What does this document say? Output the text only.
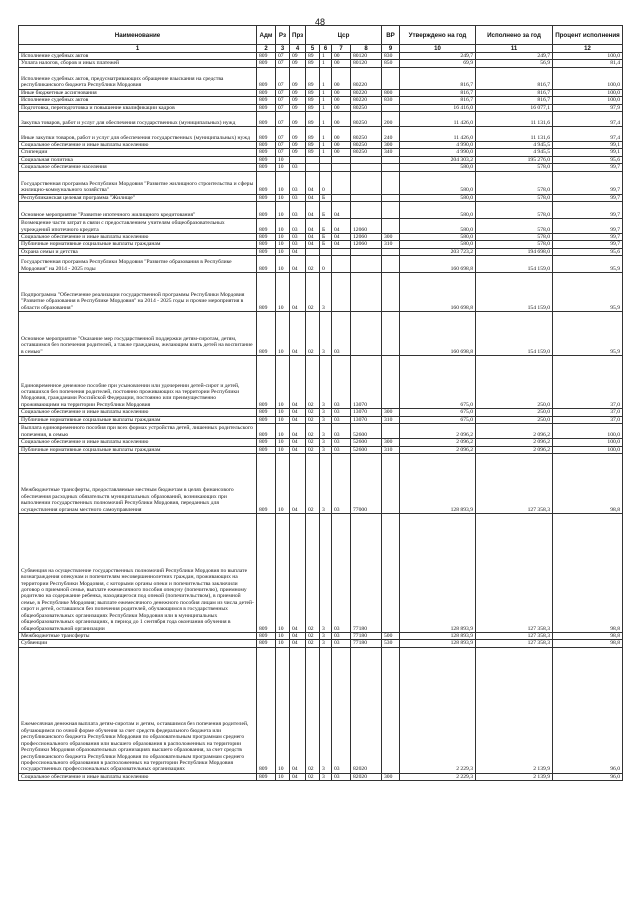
48
Наименование	Адм	Рз	Прз	Цср				ВР	Утверждено на год	Исполнено за год	Процент исполнения
1	2	3	4	5	6	7	8	9	10	11	12
Исполнение судебных актов	809	07	09	89	1	00	80120	830	249,7	249,7	100,0
Уплата налогов, сборов и иных платежей	809	07	09	89	1	00	80120	850	69,9	56,9	81,4
Исполнение судебных актов, предусматривающих обращение взыскания на средства республиканского бюджета Республики Мордовия	809	07	09	89	1	00	80220		816,7	816,7	100,0
Иные бюджетные ассигнования	809	07	09	89	1	00	80220	800	816,7	816,7	100,0
Исполнение судебных актов	809	07	09	89	1	00	80220	830	816,7	816,7	100,0
Подготовка, переподготовка и повышение квалификации кадров	809	07	09	89	1	00	80250		16 416,0	16 077,1	97,9
Закупка товаров, работ и услуг для обеспечения государственных (муниципальных) нужд	809	07	09	89	1	00	80250	200	11 426,0	11 131,6	97,4
Иные закупки товаров, работ и услуг для обеспечения государственных (муниципальных) нужд	809	07	09	89	1	00	80250	240	11 426,0	11 131,6	97,4
Социальное обеспечение и иные выплаты населению	809	07	09	89	1	00	80250	300	4 990,0	4 945,5	99,1
Стипендии	809	07	09	89	1	00	80250	340	4 990,0	4 945,5	99,1
Социальная политика	809	10							204 303,2	195 276,0	95,6
Социальное обеспечение населения	809	10	03						580,0	578,0	99,7
Государственная программа Республики Мордовия "Развитие жилищного строительства и сферы жилищно-коммунального хозяйства"	809	10	03	04	0				580,0	578,0	99,7
Республиканская целевая программа "Жилище"	809	10	03	04	Б				580,0	578,0	99,7
Основное мероприятие "Развитие ипотечного жилищного кредитования"	809	10	03	04	Б	04			580,0	578,0	99,7
Возмещение части затрат в связи с предоставлением учителям общеобразовательных учреждений ипотечного кредита	809	10	03	04	Б	04	12060		580,0	578,0	99,7
Социальное обеспечение и иные выплаты населению	809	10	03	04	Б	04	12060	300	580,0	578,0	99,7
Публичные нормативные социальные выплаты гражданам	809	10	03	04	Б	04	12060	310	580,0	578,0	99,7
Охрана семьи и детства	809	10	04						203 723,2	194 698,0	95,6
Государственная программа Республики Мордовия "Развитие образования в Республике Мордовия" на 2014 - 2025 годы	809	10	04	02	0				160 698,8	154 159,0	95,9
Подпрограмма "Обеспечение реализации государственной программы Республики Мордовия "Развитие образования в Республике Мордовия" на 2014 - 2025 годы и прочие мероприятия в области образования"	809	10	04	02	3				160 698,8	154 159,0	95,9
Основное мероприятие "Оказание мер государственной поддержки детям-сиротам, детям, оставшимся без попечения родителей, а также гражданам, желающим взять детей на воспитание в семью"	809	10	04	02	3	03			160 698,8	154 159,0	95,9
Единовременное денежное пособие при усыновлении или удочерении детей-сирот и детей, оставшихся без попечения родителей, постоянно проживающих на территории Республики Мордовия, гражданами Российской Федерации, постоянно или преимущественно проживающими на территории Республики Мордовия	809	10	04	02	3	03	13070		675,0	250,0	37,0
Социальное обеспечение и иные выплаты населению	809	10	04	02	3	03	13070	300	675,0	250,0	37,0
Публичные нормативные социальные выплаты гражданам	809	10	04	02	3	03	13070	310	675,0	250,0	37,0
Выплата единовременного пособия при всех формах устройства детей, лишенных родительского попечения, в семью	809	10	04	02	3	03	52600		2 096,2	2 096,2	100,0
Социальное обеспечение и иные выплаты населению	809	10	04	02	3	03	52600	300	2 096,2	2 096,2	100,0
Публичные нормативные социальные выплаты гражданам	809	10	04	02	3	03	52600	310	2 096,2	2 096,2	100,0
Межбюджетные трансферты, предоставляемые местным бюджетам в целях финансового обеспечения расходных обязательств муниципальных образований, возникающих при выполнении государственных полномочий Республики Мордовия, переданных для осуществления органам местного самоуправления	809	10	04	02	3	03	77000		128 893,9	127 358,3	98,8
Субвенция на осуществление государственных полномочий Республики Мордовия по выплате вознаграждения опекунам и попечителям несовершеннолетних граждан, проживающих на территории Республики Мордовия, с которыми органы опеки и попечительства заключили договор о приемной семье, выплате ежемесячного пособия опекуну (попечителю), приемному родителю на содержание ребенка, находящегося под опекой (попечительством), в приемной семье, в Республике Мордовия; выплате ежемесячного денежного пособия лицам из числа детей-сирот и детей, оставшихся без попечения родителей, обучающимся в государственных общеобразовательных организациях Республики Мордовия или в муниципальных общеобразовательных организациях, в период до 1 сентября года окончания обучения в общеобразовательной организации	809	10	04	02	3	03	77180		128 893,9	127 358,3	98,8
Межбюджетные трансферты	809	10	04	02	3	03	77180	500	128 893,9	127 358,3	98,8
Субвенции	809	10	04	02	3	03	77180	530	128 893,9	127 358,3	98,8
Ежемесячная денежная выплата детям-сиротам и детям, оставшимся без попечения родителей, обучающимся по очной форме обучения за счет средств федерального бюджета или республиканского бюджета Республики Мордовия по образовательным программам среднего профессионального образования или высшего образования в расположенных на территории Республики Мордовия образовательных организациях высшего образования, за счет средств республиканского бюджета Республики Мордовия по образовательным программам среднего профессионального образования в расположенных на территории Республики Мордовия государственных профессиональных образовательных организациях	809	10	04	02	3	03	82020		2 229,3	2 139,9	96,0
Социальное обеспечение и иные выплаты населению	809	10	04	02	3	03	82020	300	2 229,3	2 139,9	96,0
